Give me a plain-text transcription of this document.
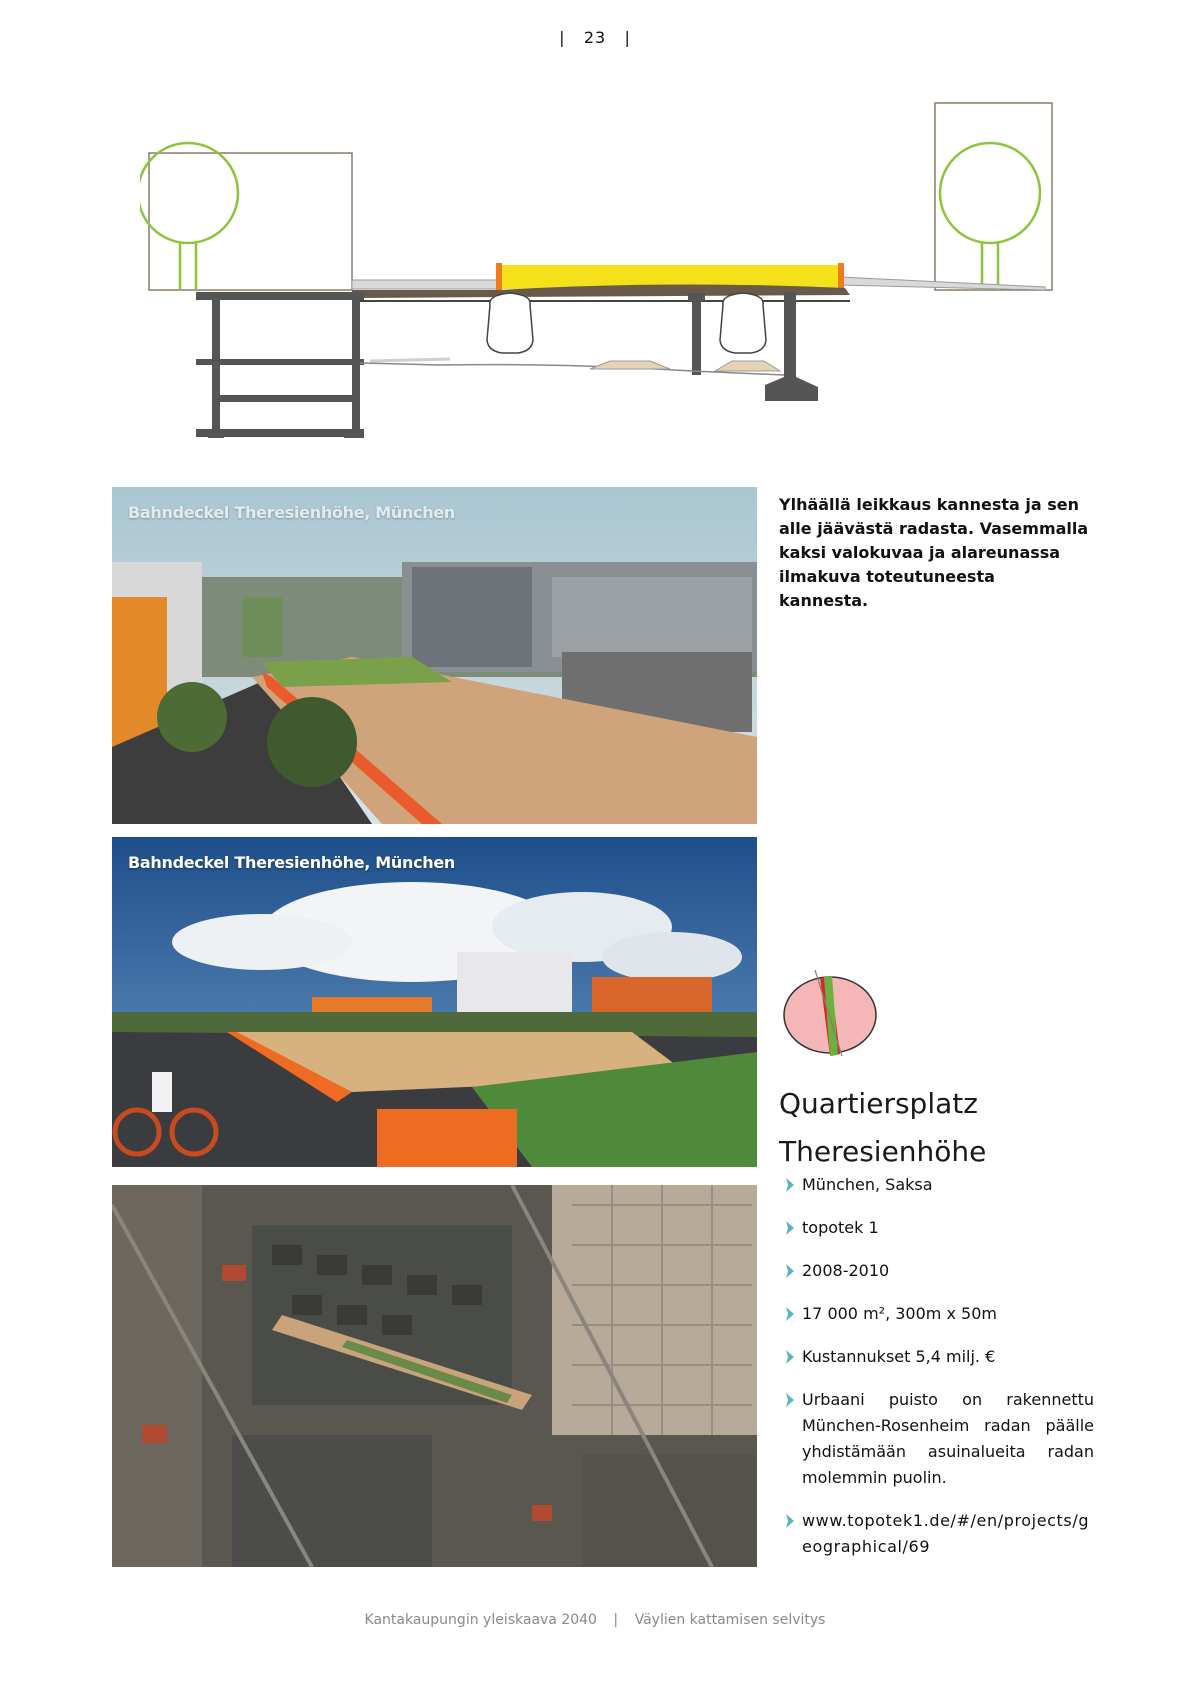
| 23 |
Bahndeckel Theresienhöhe, München
Bahndeckel Theresienhöhe, München
Ylhäällä leikkaus kannesta ja sen alle jäävästä radasta. Vasemmalla kaksi valokuvaa ja alareunassa ilmakuva toteutuneesta kannesta.
Quartiersplatz
Theresienhöhe
München, Saksa
topotek 1
2008-2010
17 000 m², 300m x 50m
Kustannukset 5,4 milj. €
Urbaani puisto on rakennettu München-Rosenheim radan päälle yhdistämään asuinalueita radan molemmin puolin.
www.topotek1.de/#/en/projects/geographical/69
Kantakaupungin yleiskaava 2040 | Väylien kattamisen selvitys
